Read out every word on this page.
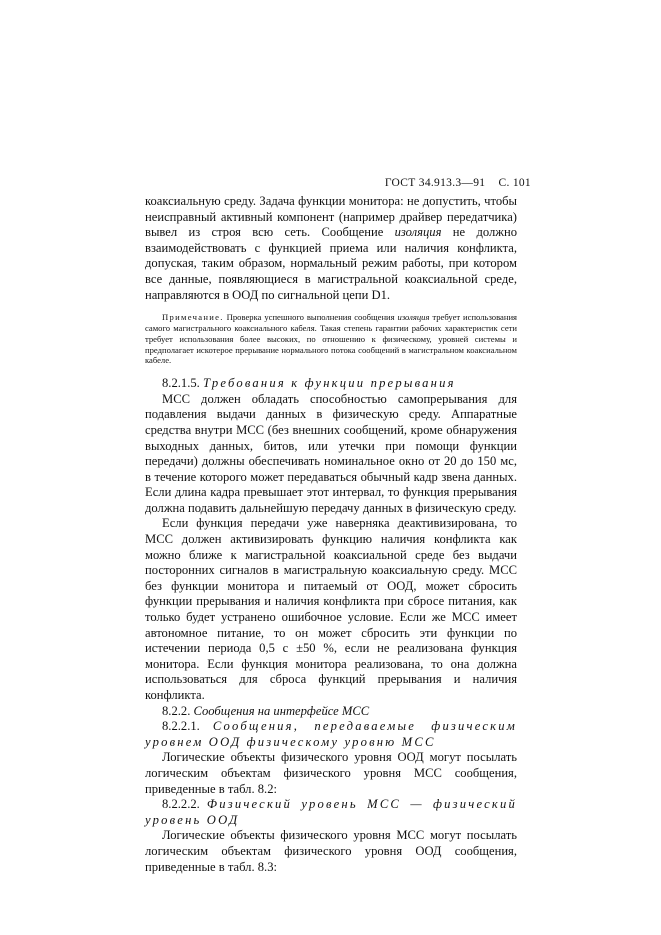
ГОСТ 34.913.3—91 С. 101

коаксиальную среду. Задача функции монитора: не допустить, чтобы неисправный активный компонент (например драйвер передатчика) вывел из строя всю сеть. Сообщение изоляция не должно взаимодействовать с функцией приема или наличия конфликта, допуская, таким образом, нормальный режим работы, при котором все данные, появляющиеся в магистральной коаксиальной среде, направляются в ООД по сигнальной цепи D1.

Примечание. Проверка успешного выполнения сообщения изоляция требует использования самого магистрального коаксиального кабеля. Такая степень гарантии рабочих характеристик сети требует использования более высоких, по отношению к физическому, уровней системы и предполагает искотерое прерывание нормального потока сообщений в магистральном коаксиальном кабеле.

8.2.1.5. Требования к функции прерывания

МСС должен обладать способностью самопрерывания для подавления выдачи данных в физическую среду. Аппаратные средства внутри МСС (без внешних сообщений, кроме обнаружения выходных данных, битов, или утечки при помощи функции передачи) должны обеспечивать номинальное окно от 20 до 150 мс, в течение которого может передаваться обычный кадр звена данных. Если длина кадра превышает этот интервал, то функция прерывания должна подавить дальнейшую передачу данных в физическую среду.

Если функция передачи уже наверняка деактивизирована, то МСС должен активизировать функцию наличия конфликта как можно ближе к магистральной коаксиальной среде без выдачи посторонних сигналов в магистральную коаксиальную среду. МСС без функции монитора и питаемый от ООД, может сбросить функции прерывания и наличия конфликта при сбросе питания, как только будет устранено ошибочное условие. Если же МСС имеет автономное питание, то он может сбросить эти функции по истечении периода 0,5 с ±50 %, если не реализована функция монитора. Если функция монитора реализована, то она должна использоваться для сброса функций прерывания и наличия конфликта.

8.2.2. Сообщения на интерфейсе МСС

8.2.2.1. Сообщения, передаваемые физическим уровнем ООД физическому уровню МСС

Логические объекты физического уровня ООД могут посылать логическим объектам физического уровня МСС сообщения, приведенные в табл. 8.2:

8.2.2.2. Физический уровень МСС — физический уровень ООД

Логические объекты физического уровня МСС могут посылать логическим объектам физического уровня ООД сообщения, приведенные в табл. 8.3:
